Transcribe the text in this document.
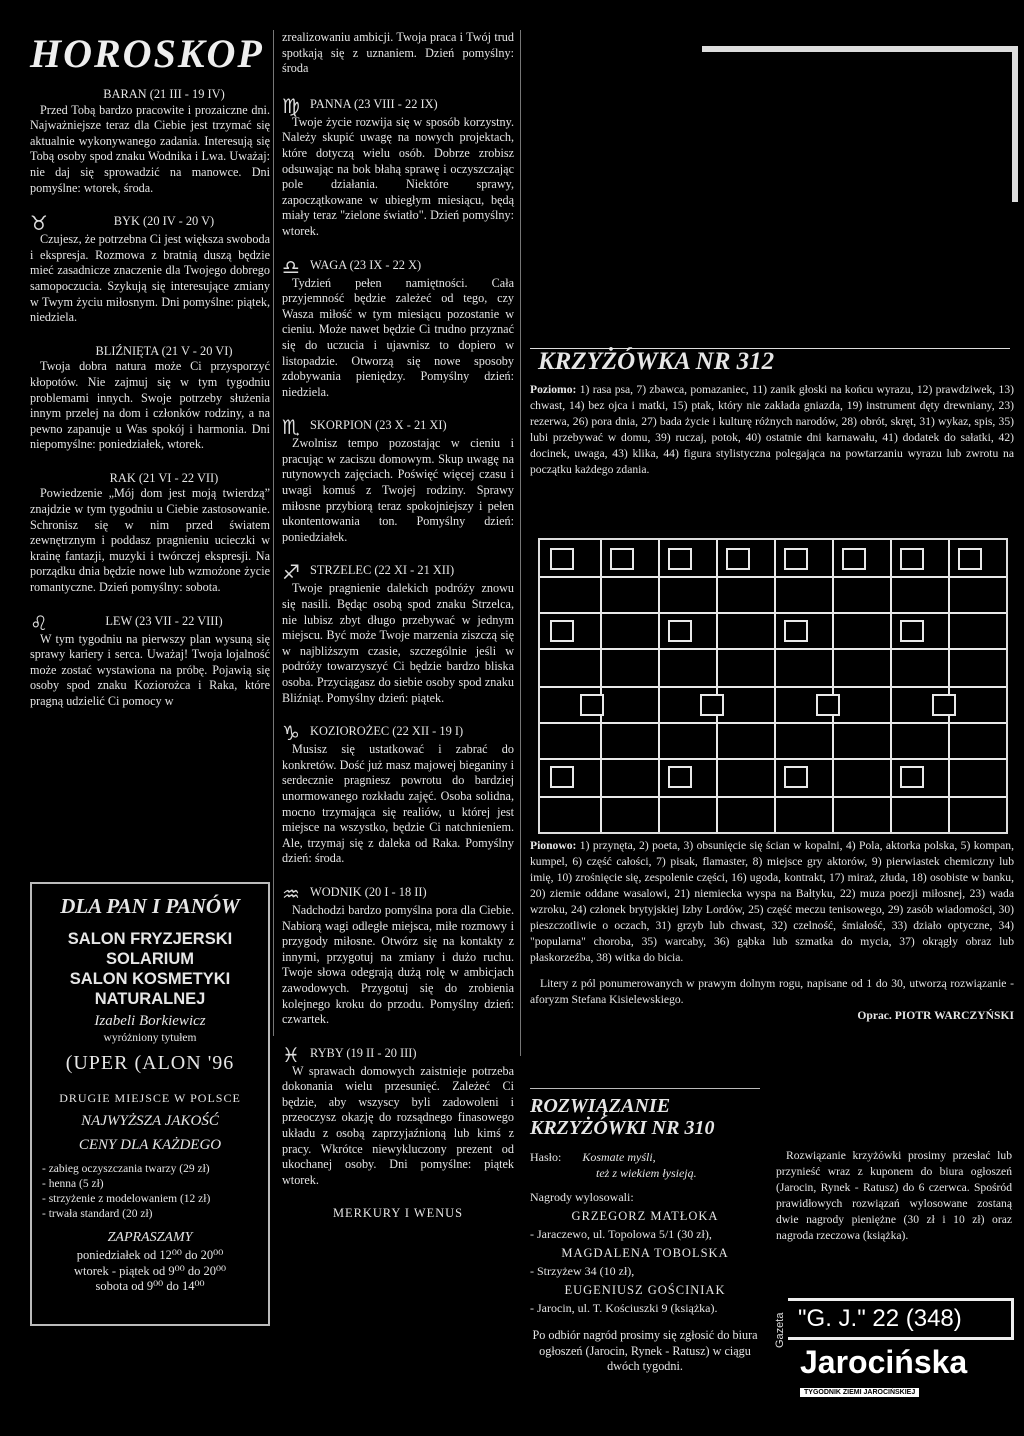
HOROSKOP

BARAN (21 III - 19 IV)

Przed Tobą bardzo pracowite i prozaiczne dni. Najważniejsze teraz dla Ciebie jest trzymać się aktualnie wykonywanego zadania. Interesują się Tobą osoby spod znaku Wodnika i Lwa. Uważaj: nie daj się sprowadzić na manowce. Dni pomyślne: wtorek, środa.

♉	BYK (20 IV - 20 V)

Czujesz, że potrzebna Ci jest większa swoboda i ekspresja. Rozmowa z bratnią duszą będzie mieć zasadnicze znaczenie dla Twojego dobrego samopoczucia. Szykują się interesujące zmiany w Twym życiu miłosnym. Dni pomyślne: piątek, niedziela.

BLIŹNIĘTA (21 V - 20 VI)

Twoja dobra natura może Ci przysporzyć kłopotów. Nie zajmuj się w tym tygodniu problemami innych. Swoje potrzeby służenia innym przelej na dom i członków rodziny, a na pewno zapanuje u Was spokój i harmonia. Dni niepomyślne: poniedziałek, wtorek.

RAK (21 VI - 22 VII)

Powiedzenie „Mój dom jest moją twierdzą” znajdzie w tym tygodniu u Ciebie zastosowanie. Schronisz się w nim przed światem zewnętrznym i poddasz pragnieniu ucieczki w krainę fantazji, muzyki i twórczej ekspresji. Na porządku dnia będzie nowe lub wzmożone życie romantyczne. Dzień pomyślny: sobota.

♌	LEW (23 VII - 22 VIII)

W tym tygodniu na pierwszy plan wysuną się sprawy kariery i serca. Uważaj! Twoja lojalność może zostać wystawiona na próbę. Pojawią się osoby spod znaku Koziorożca i Raka, które pragną udzielić Ci pomocy w

DLA PAN I PANÓW

SALON FRYZJERSKI

SOLARIUM

SALON KOSMETYKI

NATURALNEJ

Izabeli Borkiewicz
wyróżniony tytułem
(UPER (ALON '96
DRUGIE MIEJSCE W POLSCE
NAJWYŻSZA JAKOŚĆ
CENY DLA KAŻDEGO
- zabieg oczyszczania twarzy (29 zł)
- henna (5 zł)
- strzyżenie z modelowaniem (12 zł)
- trwała standard (20 zł)
ZAPRASZAMY

poniedziałek od 12⁰⁰ do 20⁰⁰

wtorek - piątek od 9⁰⁰ do 20⁰⁰

sobota od 9⁰⁰ do 14⁰⁰

zrealizowaniu ambicji. Twoja praca i Twój trud spotkają się z uznaniem. Dzień pomyślny: środa

♍ PANNA (23 VIII - 22 IX)

Twoje życie rozwija się w sposób korzystny. Należy skupić uwagę na nowych projektach, które dotyczą wielu osób. Dobrze zrobisz odsuwając na bok błahą sprawę i oczyszczając pole działania. Niektóre sprawy, zapoczątkowane w ubiegłym miesiącu, będą miały teraz "zielone światło". Dzień pomyślny: wtorek.

♎ WAGA (23 IX - 22 X)

Tydzień pełen namiętności. Cała przyjemność będzie zależeć od tego, czy Wasza miłość w tym miesiącu pozostanie w cieniu. Może nawet będzie Ci trudno przyznać się do uczucia i ujawnisz to dopiero w listopadzie. Otworzą się nowe sposoby zdobywania pieniędzy. Pomyślny dzień: niedziela.

♏ SKORPION (23 X - 21 XI)

Zwolnisz tempo pozostając w cieniu i pracując w zaciszu domowym. Skup uwagę na rutynowych zajęciach. Poświęć więcej czasu i uwagi komuś z Twojej rodziny. Sprawy miłosne przybiorą teraz spokojniejszy i pełen ukontentowania ton. Pomyślny dzień: poniedziałek.

♐ STRZELEC (22 XI - 21 XII)

Twoje pragnienie dalekich podróży znowu się nasili. Będąc osobą spod znaku Strzelca, nie lubisz zbyt długo przebywać w jednym miejscu. Być może Twoje marzenia ziszczą się w najbliższym czasie, szczególnie jeśli w podróży towarzyszyć Ci będzie bardzo bliska osoba. Przyciągasz do siebie osoby spod znaku Bliźniąt. Pomyślny dzień: piątek.

♑ KOZIOROŻEC (22 XII - 19 I)

Musisz się ustatkować i zabrać do konkretów. Dość już masz majowej bieganiny i serdecznie pragniesz powrotu do bardziej unormowanego rozkładu zajęć. Osoba solidna, mocno trzymająca się realiów, u której jest miejsce na wszystko, będzie Ci natchnieniem. Ale, trzymaj się z daleka od Raka. Pomyślny dzień: środa.

♒ WODNIK (20 I - 18 II)

Nadchodzi bardzo pomyślna pora dla Ciebie. Nabiorą wagi odległe miejsca, miłe rozmowy i przygody miłosne. Otwórz się na kontakty z innymi, przygotuj na zmiany i dużo ruchu. Twoje słowa odegrają dużą rolę w ambicjach zawodowych. Przygotuj się do zrobienia kolejnego kroku do przodu. Pomyślny dzień: czwartek.

♓ RYBY (19 II - 20 III)

W sprawach domowych zaistnieje potrzeba dokonania wielu przesunięć. Zależeć Ci będzie, aby wszyscy byli zadowoleni i przeoczysz okazję do rozsądnego finasowego układu z osobą zaprzyjaźnioną lub kimś z pracy. Wkrótce niewykluczony prezent od ukochanej osoby. Dni pomyślne: piątek wtorek.

MERKURY I WENUS
KRZYŻÓWKA NR 312

Poziomo: 1) rasa psa, 7) zbawca, pomazaniec, 11) zanik głoski na końcu wyrazu, 12) prawdziwek, 13) chwast, 14) bez ojca i matki, 15) ptak, który nie zakłada gniazda, 19) instrument dęty drewniany, 23) rezerwa, 26) pora dnia, 27) bada życie i kulturę różnych narodów, 28) obrót, skręt, 31) wykaz, spis, 35) lubi przebywać w domu, 39) ruczaj, potok, 40) ostatnie dni karnawału, 41) dodatek do sałatki, 42) docinek, uwaga, 43) klika, 44) figura stylistyczna polegająca na powtarzaniu wyrazu lub zwrotu na początku każdego zdania.

Pionowo: 1) przynęta, 2) poeta, 3) obsunięcie się ścian w kopalni, 4) Pola, aktorka polska, 5) kompan, kumpel, 6) część całości, 7) pisak, flamaster, 8) miejsce gry aktorów, 9) pierwiastek chemiczny lub imię, 10) zrośnięcie się, zespolenie części, 16) ugoda, kontrakt, 17) miraż, złuda, 18) osobiste w banku, 20) ziemie oddane wasalowi, 21) niemiecka wyspa na Bałtyku, 22) muza poezji miłosnej, 23) wada wzroku, 24) członek brytyjskiej Izby Lordów, 25) część meczu tenisowego, 29) zasób wiadomości, 30) pieszczotliwie o oczach, 31) grzyb lub chwast, 32) czelność, śmiałość, 33) działo optyczne, 34) "popularna" choroba, 35) warcaby, 36) gąbka lub szmatka do mycia, 37) okrągły obraz lub płaskorzeźba, 38) witka do bicia.

Litery z pól ponumerowanych w prawym dolnym rogu, napisane od 1 do 30, utworzą rozwiązanie - aforyzm Stefana Kisielewskiego.

Oprac. PIOTR WARCZYŃSKI

ROZWIĄZANIE
KRZYŻÓWKI NR 310

Hasło: Kosmate myśli,

też z wiekiem łysieją.

Nagrody wylosowali:

GRZEGORZ MATŁOKA

- Jaraczewo, ul. Topolowa 5/1 (30 zł),

MAGDALENA TOBOLSKA

- Strzyżew 34 (10 zł),

EUGENIUSZ GOŚCINIAK

- Jarocin, ul. T. Kościuszki 9 (książka).

Po odbiór nagród prosimy się zgłosić do biura ogłoszeń (Jarocin, Rynek - Ratusz) w ciągu dwóch tygodni.

Rozwiązanie krzyżówki prosimy przesłać lub przynieść wraz z kuponem do biura ogłoszeń (Jarocin, Rynek - Ratusz) do 6 czerwca. Spośród prawidłowych rozwiązań wylosowane zostaną dwie nagrody pieniężne (30 zł i 10 zł) oraz nagroda rzeczowa (książka).

"G. J." 22 (348)
Gazeta
Jarocińska
TYGODNIK ZIEMI JAROCIŃSKIEJ
